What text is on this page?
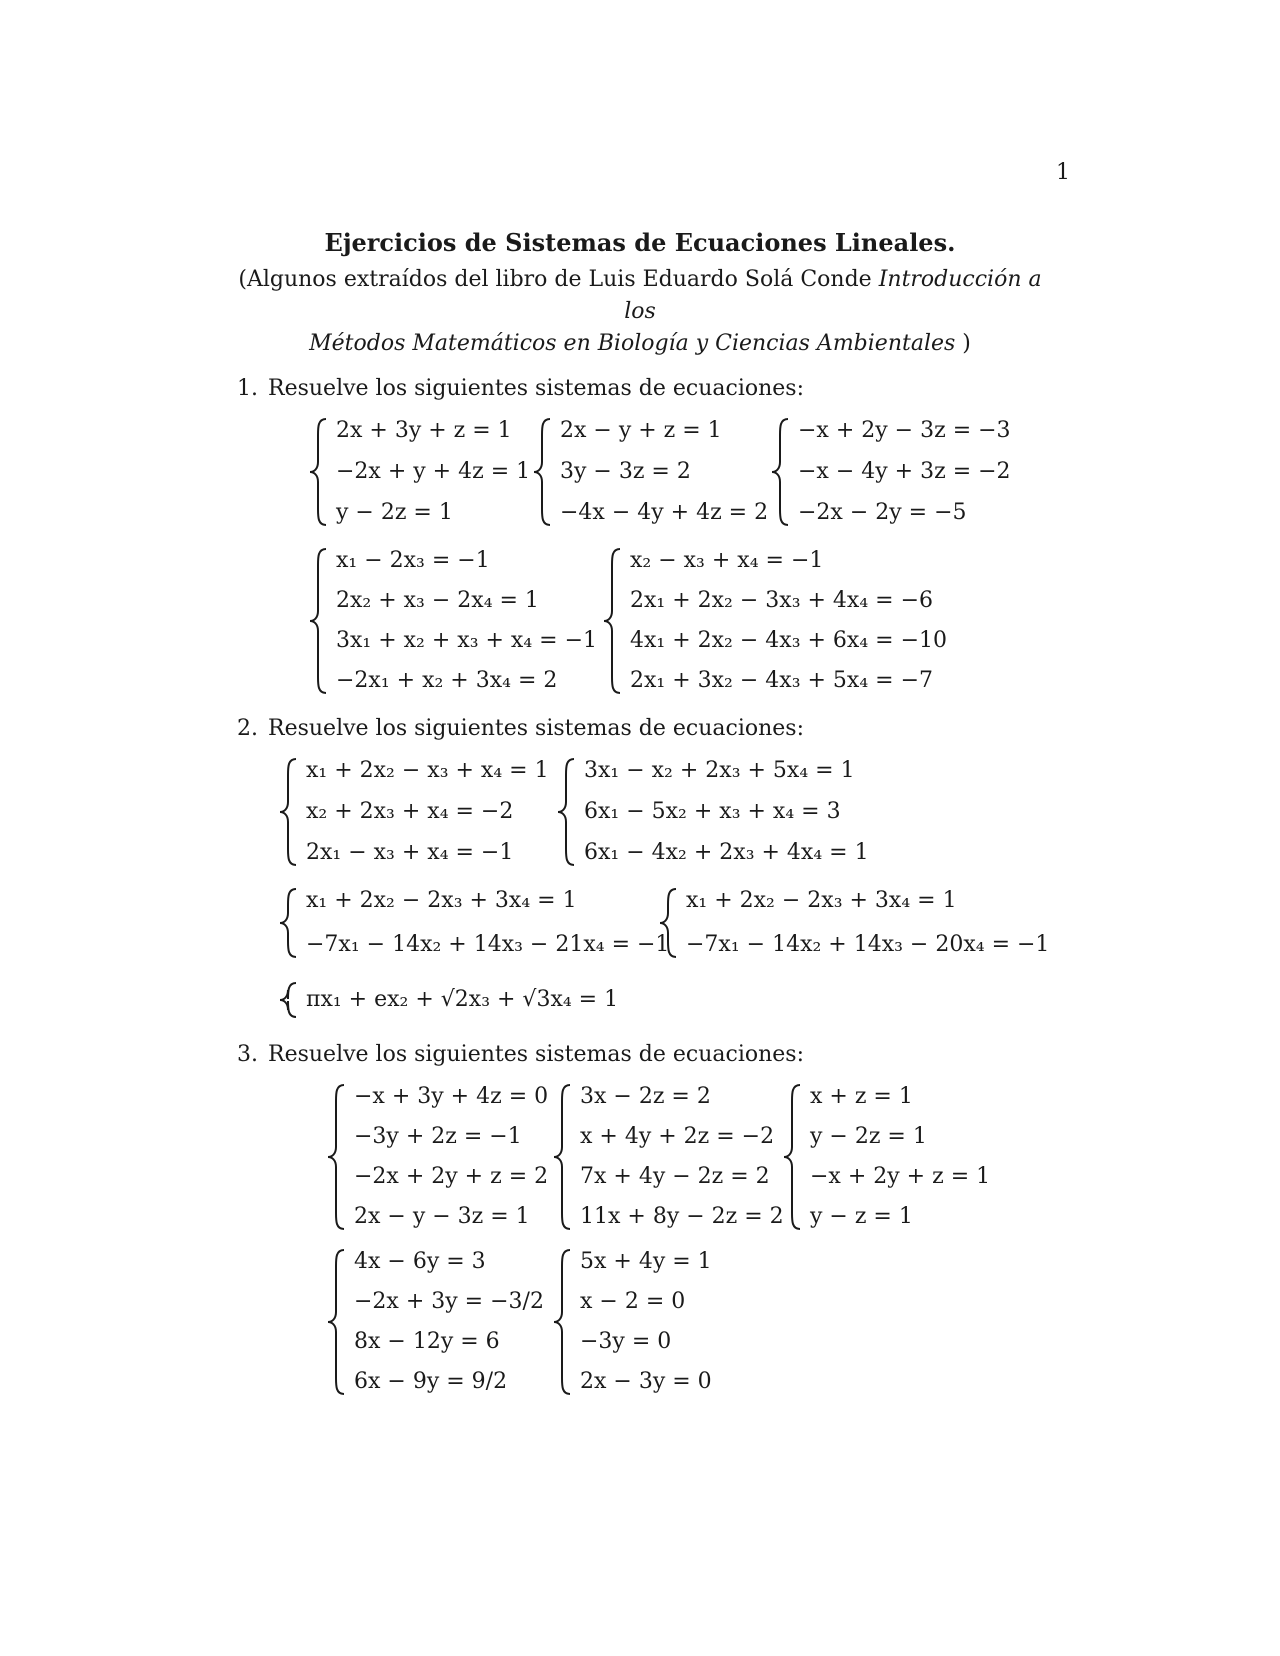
1
Ejercicios de Sistemas de Ecuaciones Lineales.
(Algunos extraídos del libro de Luis Eduardo Solá Conde Introducción a los
Métodos Matemáticos en Biología y Ciencias Ambientales )
1. Resuelve los siguientes sistemas de ecuaciones:
2x + 3y + z = 1
−2x + y + 4z = 1
y − 2z = 1
2x − y + z = 1
3y − 3z = 2
−4x − 4y + 4z = 2
−x + 2y − 3z = −3
−x − 4y + 3z = −2
−2x − 2y = −5
x₁ − 2x₃ = −1
2x₂ + x₃ − 2x₄ = 1
3x₁ + x₂ + x₃ + x₄ = −1
−2x₁ + x₂ + 3x₄ = 2
x₂ − x₃ + x₄ = −1
2x₁ + 2x₂ − 3x₃ + 4x₄ = −6
4x₁ + 2x₂ − 4x₃ + 6x₄ = −10
2x₁ + 3x₂ − 4x₃ + 5x₄ = −7
2. Resuelve los siguientes sistemas de ecuaciones:
x₁ + 2x₂ − x₃ + x₄ = 1
x₂ + 2x₃ + x₄ = −2
2x₁ − x₃ + x₄ = −1
3x₁ − x₂ + 2x₃ + 5x₄ = 1
6x₁ − 5x₂ + x₃ + x₄ = 3
6x₁ − 4x₂ + 2x₃ + 4x₄ = 1
x₁ + 2x₂ − 2x₃ + 3x₄ = 1
−7x₁ − 14x₂ + 14x₃ − 21x₄ = −1
x₁ + 2x₂ − 2x₃ + 3x₄ = 1
−7x₁ − 14x₂ + 14x₃ − 20x₄ = −1
πx₁ + ex₂ + √2x₃ + √3x₄ = 1
3. Resuelve los siguientes sistemas de ecuaciones:
−x + 3y + 4z = 0
−3y + 2z = −1
−2x + 2y + z = 2
2x − y − 3z = 1
3x − 2z = 2
x + 4y + 2z = −2
7x + 4y − 2z = 2
11x + 8y − 2z = 2
x + z = 1
y − 2z = 1
−x + 2y + z = 1
y − z = 1
4x − 6y = 3
−2x + 3y = −3/2
8x − 12y = 6
6x − 9y = 9/2
5x + 4y = 1
x − 2 = 0
−3y = 0
2x − 3y = 0
